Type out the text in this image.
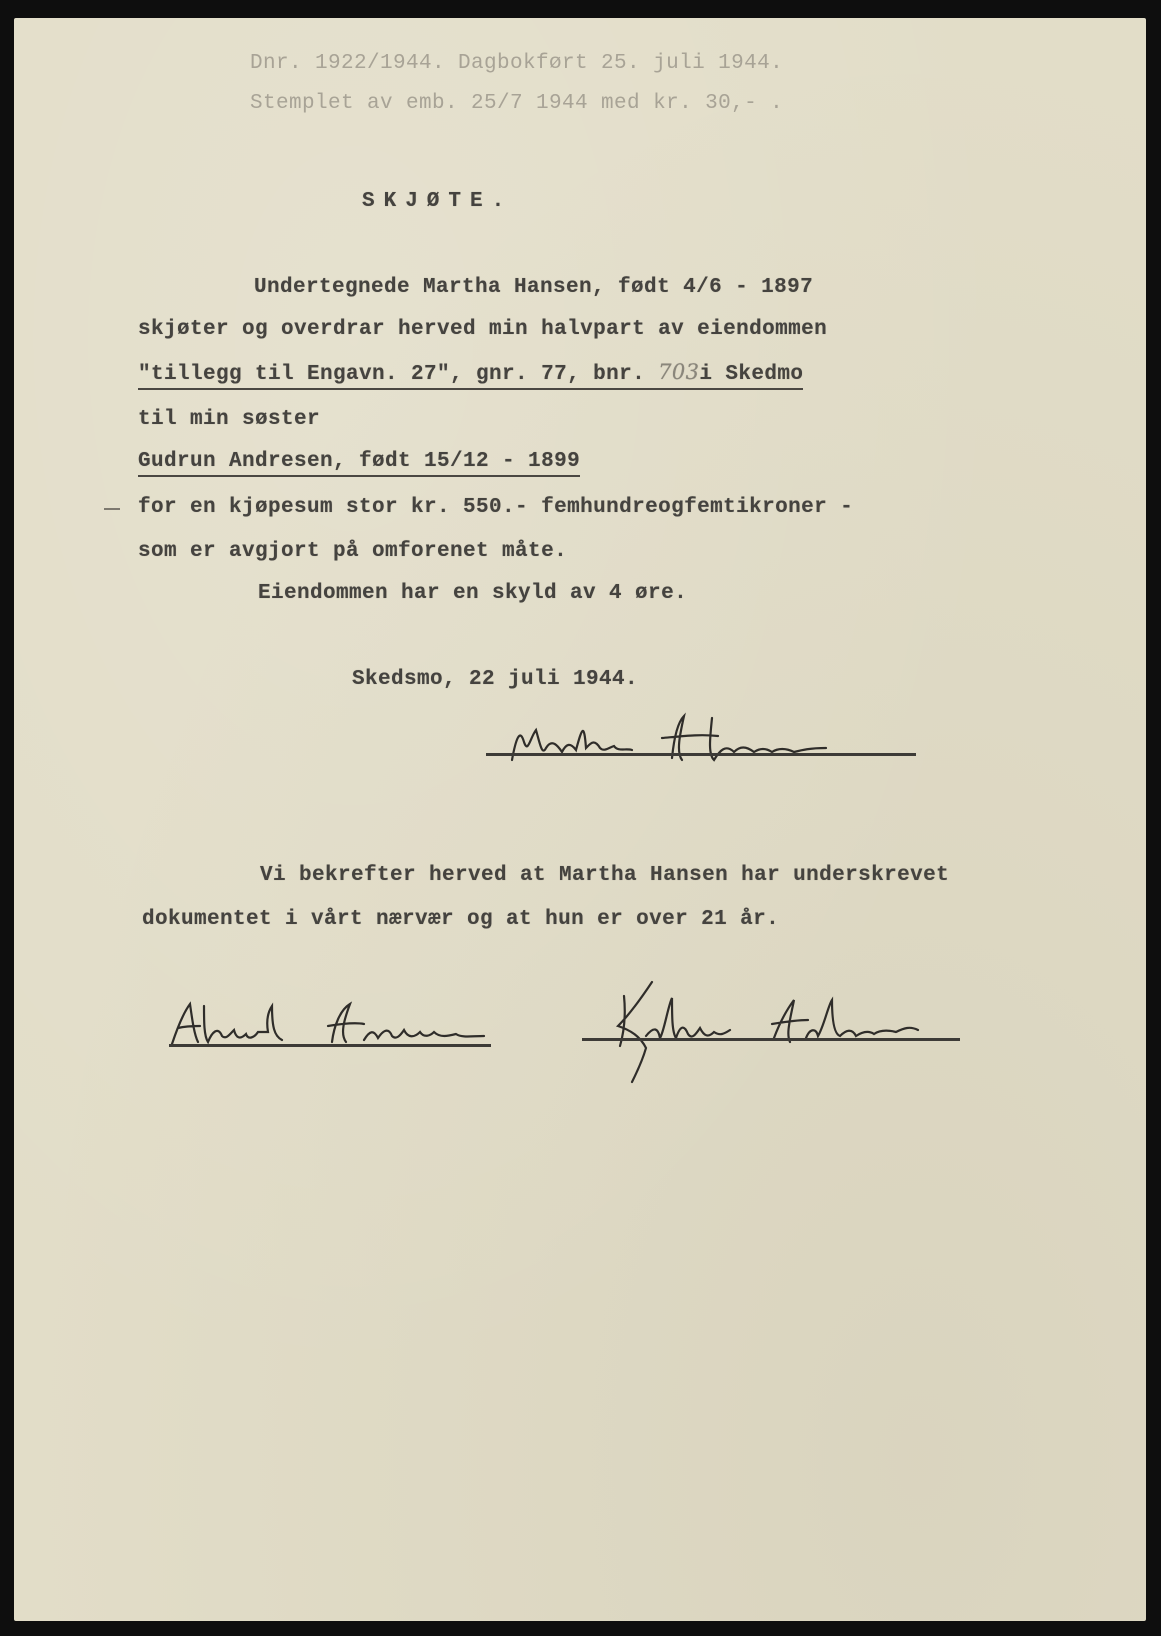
Dnr. 1922/1944. Dagbokført 25. juli 1944.
Stemplet av emb. 25/7 1944 med kr. 30,- .
SKJØTE.
Undertegnede Martha Hansen, født 4/6 - 1897
skjøter og overdrar herved min halvpart av eiendommen
"tillegg til Engavn. 27", gnr. 77, bnr. 703i Skedmo
til min søster
Gudrun Andresen, født 15/12 - 1899
for en kjøpesum stor kr. 550.- femhundreogfemtikroner -
som er avgjort på omforenet måte.
Eiendommen har en skyld av 4 øre.
Skedsmo, 22 juli 1944.
Vi bekrefter herved at Martha Hansen har underskrevet
dokumentet i vårt nærvær og at hun er over 21 år.
